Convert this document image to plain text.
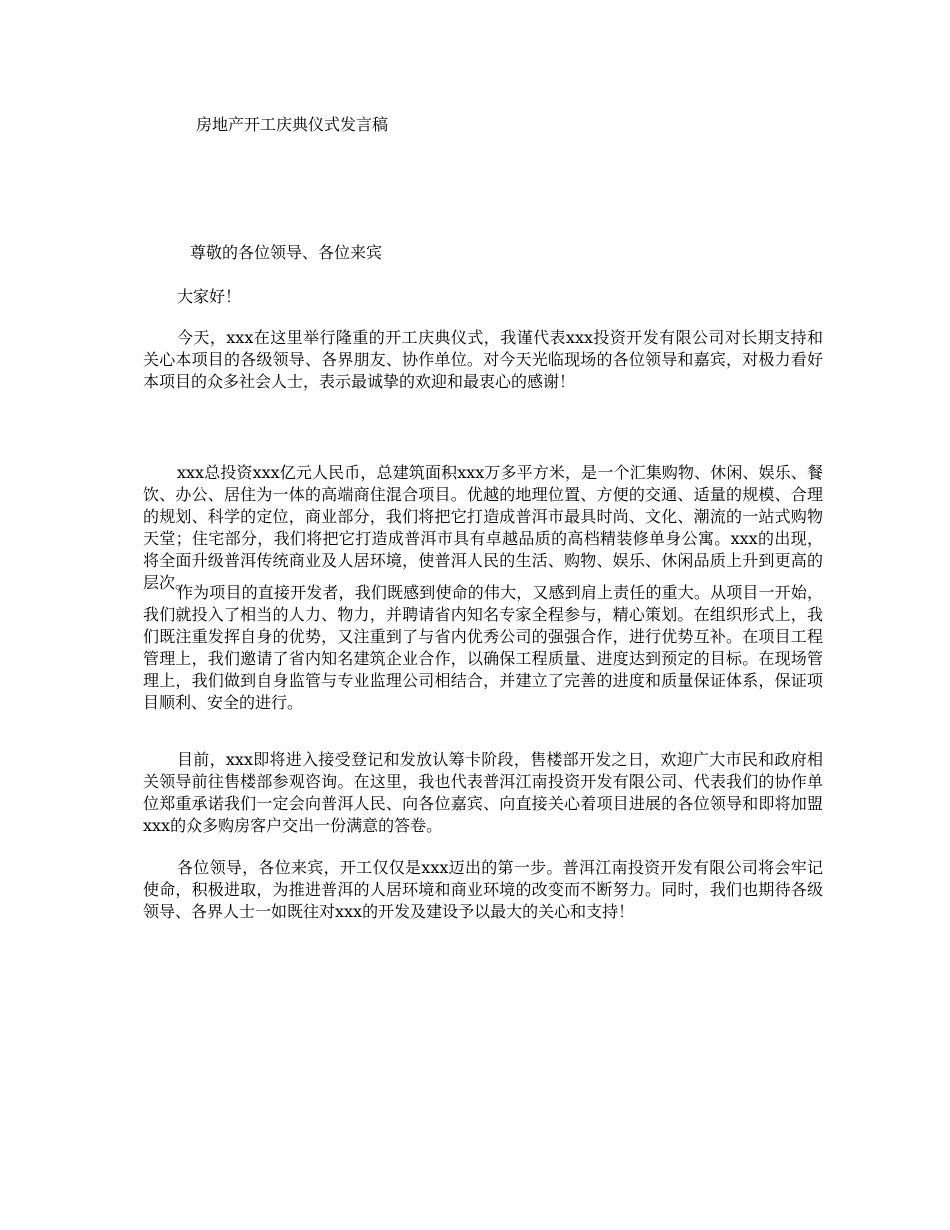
房地产开工庆典仪式发言稿
尊敬的各位领导、各位来宾
大家好！

今天，xxx在这里举行隆重的开工庆典仪式，我谨代表xxx投资开发有限公司对长期支持和关心本项目的各级领导、各界朋友、协作单位。对今天光临现场的各位领导和嘉宾，对极力看好本项目的众多社会人士，表示最诚挚的欢迎和最衷心的感谢！

xxx总投资xxx亿元人民币，总建筑面积xxx万多平方米，是一个汇集购物、休闲、娱乐、餐饮、办公、居住为一体的高端商住混合项目。优越的地理位置、方便的交通、适量的规模、合理的规划、科学的定位，商业部分，我们将把它打造成普洱市最具时尚、文化、潮流的一站式购物天堂；住宅部分，我们将把它打造成普洱市具有卓越品质的高档精装修单身公寓。xxx的出现，将全面升级普洱传统商业及人居环境，使普洱人民的生活、购物、娱乐、休闲品质上升到更高的层次。

作为项目的直接开发者，我们既感到使命的伟大，又感到肩上责任的重大。从项目一开始，我们就投入了相当的人力、物力，并聘请省内知名专家全程参与，精心策划。在组织形式上，我们既注重发挥自身的优势，又注重到了与省内优秀公司的强强合作，进行优势互补。在项目工程管理上，我们邀请了省内知名建筑企业合作，以确保工程质量、进度达到预定的目标。在现场管理上，我们做到自身监管与专业监理公司相结合，并建立了完善的进度和质量保证体系，保证项目顺利、安全的进行。

目前，xxx即将进入接受登记和发放认筹卡阶段，售楼部开发之日，欢迎广大市民和政府相关领导前往售楼部参观咨询。在这里，我也代表普洱江南投资开发有限公司、代表我们的协作单位郑重承诺我们一定会向普洱人民、向各位嘉宾、向直接关心着项目进展的各位领导和即将加盟xxx的众多购房客户交出一份满意的答卷。

各位领导，各位来宾，开工仅仅是xxx迈出的第一步。普洱江南投资开发有限公司将会牢记使命，积极进取，为推进普洱的人居环境和商业环境的改变而不断努力。同时，我们也期待各级领导、各界人士一如既往对xxx的开发及建设予以最大的关心和支持！
